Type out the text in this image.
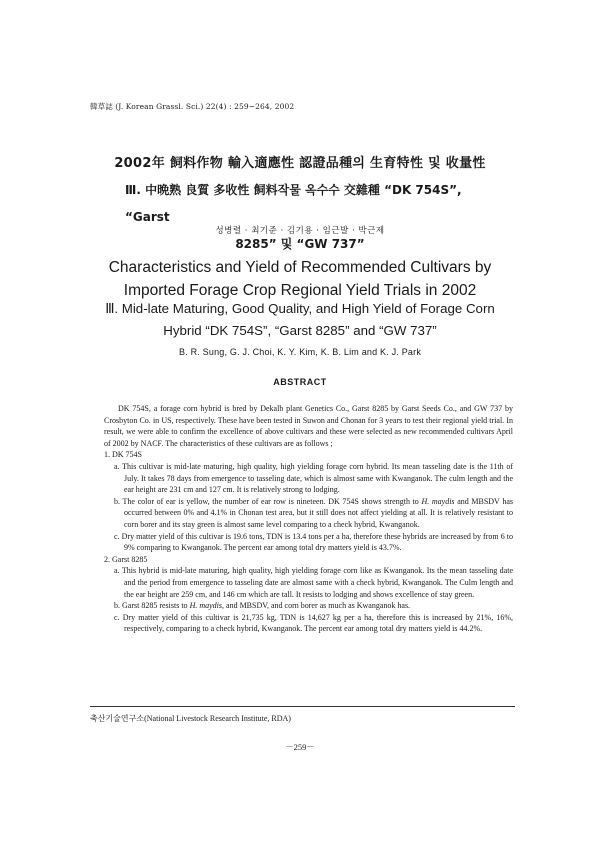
韓草誌 (J. Korean Grassl. Sci.) 22(4) : 259~264, 2002
2002年 飼料作物 輸入適應性 認證品種의 生育特性 및 收量性
Ⅲ. 中晩熟 良質 多收性 飼料작물 옥수수 交雜種 “DK 754S”, “Garst
8285” 및 “GW 737”
성병렬 · 최기준 · 김기용 · 임근발 · 박근제
Characteristics and Yield of Recommended Cultivars by
Imported Forage Crop Regional Yield Trials in 2002
Ⅲ. Mid-late Maturing, Good Quality, and High Yield of Forage Corn
Hybrid “DK 754S”, “Garst 8285” and “GW 737”
B. R. Sung, G. J. Choi, K. Y. Kim, K. B. Lim and K. J. Park
ABSTRACT

DK 754S, a forage corn hybrid is bred by Dekalb plant Genetics Co., Garst 8285 by Garst Seeds Co., and GW 737 by Crosbyton Co. in US, respectively. These have been tested in Suwon and Chonan for 3 years to test their regional yield trial. In result, we were able to confirm the excellence of above cultivars and these were selected as new recommended cultivars April of 2002 by NACF. The characteristics of these cultivars are as follows ;

1. DK 754S

a. This cultivar is mid-late maturing, high quality, high yielding forage corn hybrid. Its mean tasseling date is the 11th of July. It takes 78 days from emergence to tasseling date, which is almost same with Kwanganok. The culm length and the ear height are 231 cm and 127 cm. It is relatively strong to lodging.

b. The color of ear is yellow, the number of ear row is nineteen. DK 754S shows strength to H. maydis and MBSDV has occurred between 0% and 4.1% in Chonan test area, but it still does not affect yielding at all. It is relatively resistant to corn borer and its stay green is almost same level comparing to a check hybrid, Kwanganok.

c. Dry matter yield of this cultivar is 19.6 tons, TDN is 13.4 tons per a ha, therefore these hybrids are increased by from 6 to 9% comparing to Kwanganok. The percent ear among total dry matters yield is 43.7%.

2. Garst 8285

a. This hybrid is mid-late maturing, high quality, high yielding forage corn like as Kwanganok. Its the mean tasseling date and the period from emergence to tasseling date are almost same with a check hybrid, Kwanganok. The Culm length and the ear height are 259 cm, and 146 cm which are tall. It resists to lodging and shows excellence of stay green.

b. Garst 8285 resists to H. maydis, and MBSDV, and corn borer as much as Kwanganok has.

c. Dry matter yield of this cultivar is 21,735 kg, TDN is 14,627 kg per a ha, therefore this is increased by 21%, 16%, respectively, comparing to a check hybrid, Kwanganok. The percent ear among total dry matters yield is 44.2%.

축산기술연구소(National Livestock Research Institute, RDA)
－259－
